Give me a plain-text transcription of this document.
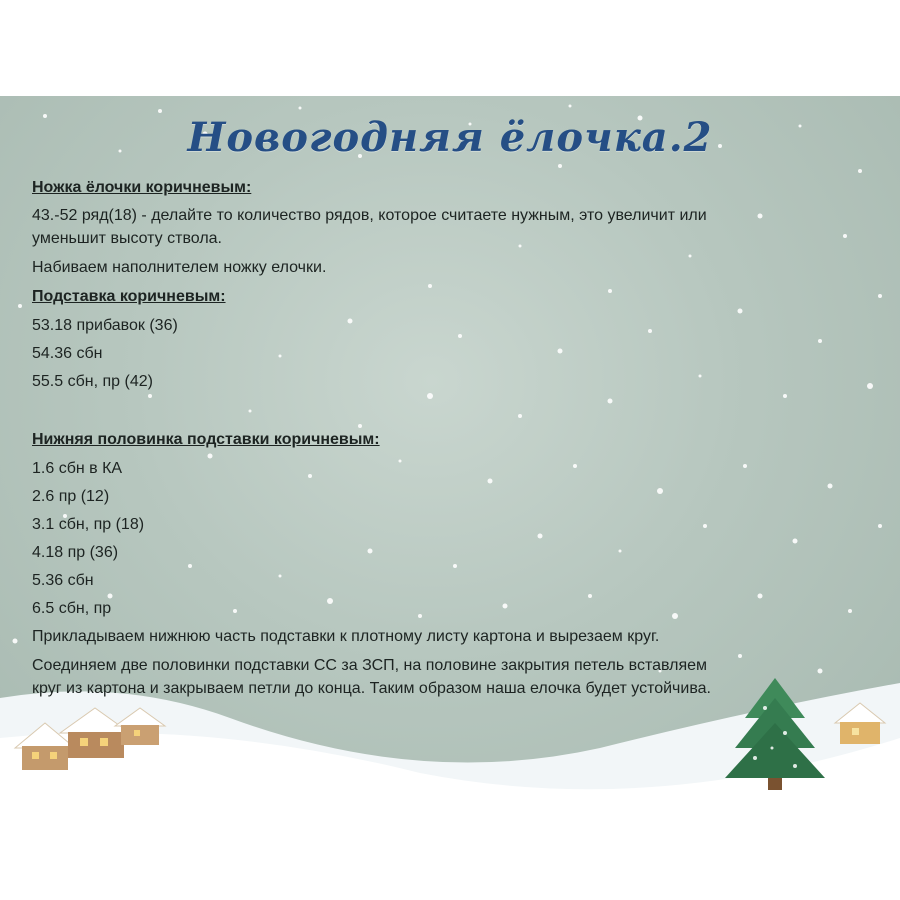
Новогодняя ёлочка.2
Ножка ёлочки коричневым:
43.-52 ряд(18) - делайте то количество рядов, которое считаете нужным, это увеличит или
уменьшит высоту ствола.
Набиваем наполнителем ножку елочки.
Подставка коричневым:
53.18 прибавок (36)
54.36 сбн
55.5 сбн, пр (42)
Нижняя половинка подставки коричневым:
1.6 сбн в КА
2.6 пр (12)
3.1 сбн, пр (18)
4.18 пр (36)
5.36 сбн
6.5 сбн, пр
Прикладываем нижнюю часть подставки к плотному листу картона и вырезаем круг.
Соединяем две половинки подставки СС за ЗСП, на половине закрытия петель вставляем
круг из картона и закрываем петли до конца. Таким образом наша елочка будет устойчива.
